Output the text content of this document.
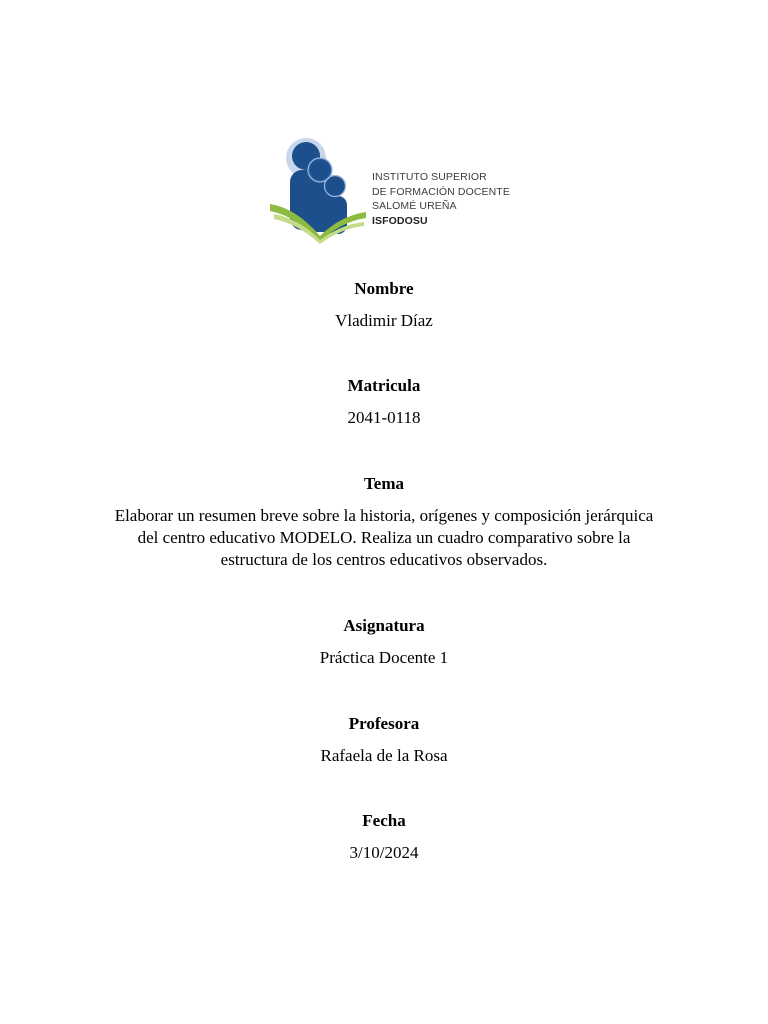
INSTITUTO SUPERIOR
DE FORMACIÓN DOCENTE
SALOMÉ UREÑA
ISFODOSU
Nombre
Vladimir Díaz
Matricula
2041-0118
Tema
Elaborar un resumen breve sobre la historia, orígenes y composición jerárquica
del centro educativo MODELO. Realiza un cuadro comparativo sobre la
estructura de los centros educativos observados.
Asignatura
Práctica Docente 1
Profesora
Rafaela de la Rosa
Fecha
3/10/2024
